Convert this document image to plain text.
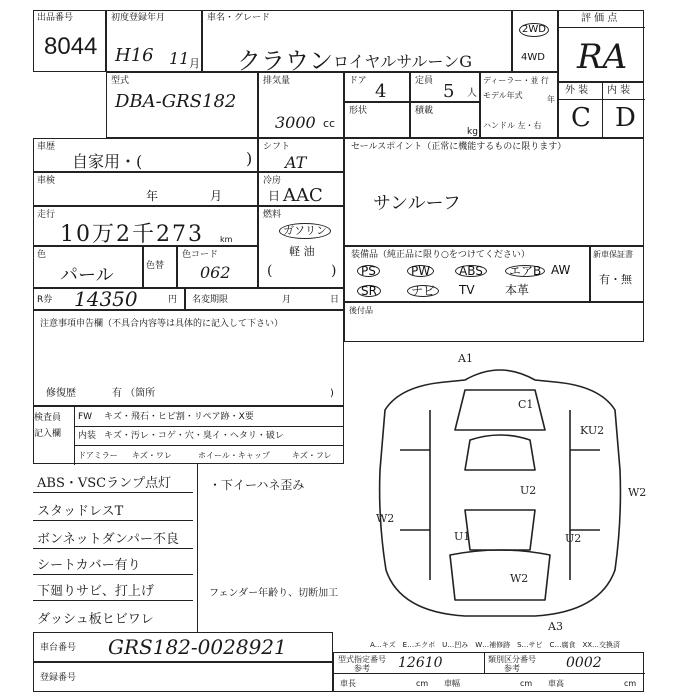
出品番号
8044
初度登録年月
H16 11 月
車名・グレード
クラウン ロイヤルサルーンG
2WD
4WD
評 価 点
RA
外 装 内 装
C D
型式
DBA-GRS182
排気量
3000 cc
ドア 4	定員 5 人
ディーラー・並 行
モデル年式	年
ハンドル 左・右
形状	積載
kg
車歴
自家用・(	)
シフト
AT
車検
年	月	日
冷房
AAC
走行
10万2千273 km
燃料
ガソリン
軽 油
(	)
色
パール	色替
色コード
062
R券 14350	円 名変期限	月	日
セールスポイント（正常に機能するものに限ります）
サンルーフ
装備品（純正品に限り○をつけてください）
PS	PW	ABS	エアB AW
SR	ナビ	TV	本革
新車保証書
有・無
後付品
注意事項申告欄（不具合内容等は具体的に記入して下さい）
修復歴	有 （箇所	)
検査員
記入欄
FW キズ・飛石・ヒビ割・リペア跡・X要
内装 キズ・汚レ・コゲ・穴・臭イ・ヘタリ・破レ
ドアミラー キズ・ワレ	ホイール・キャップ	キズ・フレ
ABS・VSCランプ点灯
スタッドレスT
ボンネットダンパー不良
シートカバー有り
下廻りサビ、打上げ
ダッシュ板ヒビワレ
・下イーハネ歪み
フェンダー年齢り、切断加工
A1
C1
KU2
W2
U2
W2
U1	U2
W2
A3
A…キズ　E…エクボ　U…凹み　W…補修跡　S…サビ　C…腐食　XX…交換済
車台番号 GRS182-0028921
登録番号
型式指定番号
参考 12610	類別区分番号
参考	0002
車長	cm 車幅	cm 車高	cm
